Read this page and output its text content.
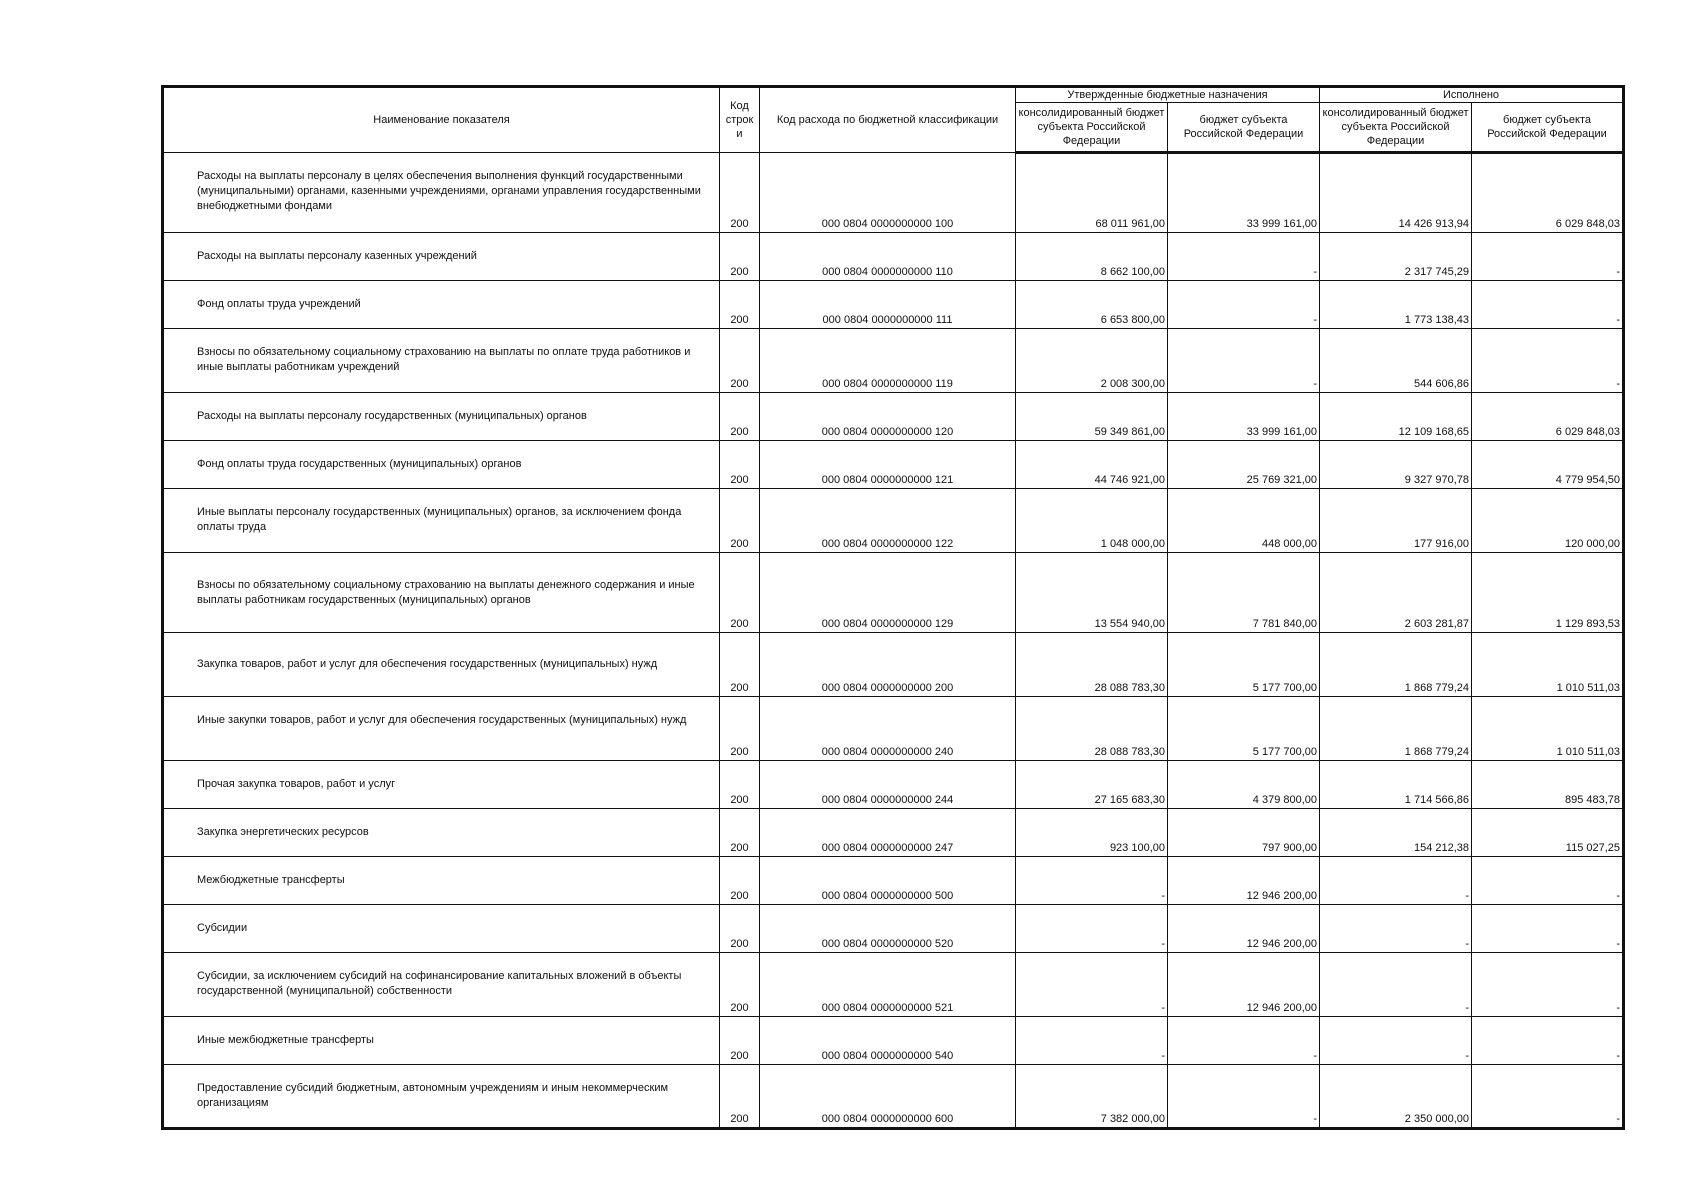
Наименование показателя	Код строк и	Код расхода по бюджетной классификации	Утвержденные бюджетные назначения		Исполнено	
			консолидированный бюджет субъекта Российской Федерации	бюджет субъекта Российской Федерации	консолидированный бюджет субъекта Российской Федерации	бюджет субъекта Российской Федерации
Расходы на выплаты персоналу в целях обеспечения выполнения функций государственными (муниципальными) органами, казенными учреждениями, органами управления государственными внебюджетными фондами	200	000 0804 0000000000 100	68 011 961,00	33 999 161,00	14 426 913,94	6 029 848,03
Расходы на выплаты персоналу казенных учреждений	200	000 0804 0000000000 110	8 662 100,00	-	2 317 745,29	-
Фонд оплаты труда учреждений	200	000 0804 0000000000 111	6 653 800,00	-	1 773 138,43	-
Взносы по обязательному социальному страхованию на выплаты по оплате труда работников и иные выплаты работникам учреждений	200	000 0804 0000000000 119	2 008 300,00	-	544 606,86	-
Расходы на выплаты персоналу государственных (муниципальных) органов	200	000 0804 0000000000 120	59 349 861,00	33 999 161,00	12 109 168,65	6 029 848,03
Фонд оплаты труда государственных (муниципальных) органов	200	000 0804 0000000000 121	44 746 921,00	25 769 321,00	9 327 970,78	4 779 954,50
Иные выплаты персоналу государственных (муниципальных) органов, за исключением фонда оплаты труда	200	000 0804 0000000000 122	1 048 000,00	448 000,00	177 916,00	120 000,00
Взносы по обязательному социальному страхованию на выплаты денежного содержания и иные выплаты работникам государственных (муниципальных) органов	200	000 0804 0000000000 129	13 554 940,00	7 781 840,00	2 603 281,87	1 129 893,53
Закупка товаров, работ и услуг для обеспечения государственных (муниципальных) нужд	200	000 0804 0000000000 200	28 088 783,30	5 177 700,00	1 868 779,24	1 010 511,03
Иные закупки товаров, работ и услуг для обеспечения государственных (муниципальных) нужд	200	000 0804 0000000000 240	28 088 783,30	5 177 700,00	1 868 779,24	1 010 511,03
Прочая закупка товаров, работ и услуг	200	000 0804 0000000000 244	27 165 683,30	4 379 800,00	1 714 566,86	895 483,78
Закупка энергетических ресурсов	200	000 0804 0000000000 247	923 100,00	797 900,00	154 212,38	115 027,25
Межбюджетные трансферты	200	000 0804 0000000000 500	-	12 946 200,00	-	-
Субсидии	200	000 0804 0000000000 520	-	12 946 200,00	-	-
Субсидии, за исключением субсидий на софинансирование капитальных вложений в объекты государственной (муниципальной) собственности	200	000 0804 0000000000 521	-	12 946 200,00	-	-
Иные межбюджетные трансферты	200	000 0804 0000000000 540	-	-	-	-
Предоставление субсидий бюджетным, автономным учреждениям и иным некоммерческим организациям	200	000 0804 0000000000 600	7 382 000,00	-	2 350 000,00	-
